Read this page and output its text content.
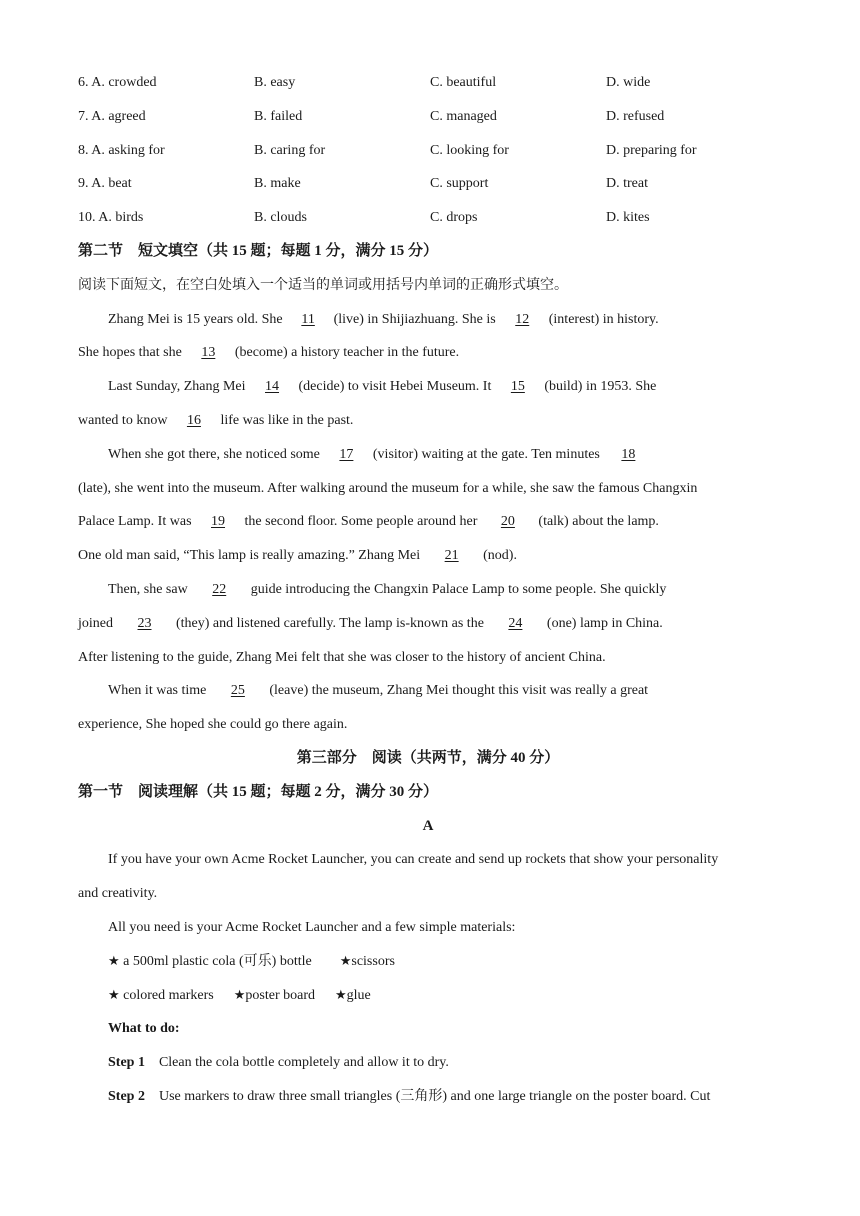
6. A. crowded	B. easy	C. beautiful	D. wide
7. A. agreed	B. failed	C. managed	D. refused
8. A. asking for	B. caring for	C. looking for	D. preparing for
9. A. beat	B. make	C. support	D. treat
10. A. birds	B. clouds	C. drops	D. kites
第二节　短文填空（共 15 题；每题 1 分，满分 15 分）
阅读下面短文，在空白处填入一个适当的单词或用括号内单词的正确形式填空。
Zhang Mei is 15 years old. She 11 (live) in Shijiazhuang. She is 12 (interest) in history.
She hopes that she 13 (become) a history teacher in the future.
Last Sunday, Zhang Mei 14 (decide) to visit Hebei Museum. It 15 (build) in 1953. She
wanted to know 16 life was like in the past.
When she got there, she noticed some 17 (visitor) waiting at the gate. Ten minutes 18
(late), she went into the museum. After walking around the museum for a while, she saw the famous Changxin
Palace Lamp. It was 19 the second floor. Some people around her 20 (talk) about the lamp.
One old man said, “This lamp is really amazing.” Zhang Mei 21 (nod).
Then, she saw 22 guide introducing the Changxin Palace Lamp to some people. She quickly
joined 23 (they) and listened carefully. The lamp is-known as the 24 (one) lamp in China.
After listening to the guide, Zhang Mei felt that she was closer to the history of ancient China.
When it was time 25 (leave) the museum, Zhang Mei thought this visit was really a great
experience, She hoped she could go there again.
第三部分　阅读（共两节，满分 40 分）
第一节　阅读理解（共 15 题；每题 2 分，满分 30 分）
A
If you have your own Acme Rocket Launcher, you can create and send up rockets that show your personality
and creativity.
All you need is your Acme Rocket Launcher and a few simple materials:
★ a 500ml plastic cola (可乐) bottle ★scissors
★ colored markers ★poster board ★glue
What to do:
Step 1 Clean the cola bottle completely and allow it to dry.
Step 2 Use markers to draw three small triangles (三角形) and one large triangle on the poster board. Cut
